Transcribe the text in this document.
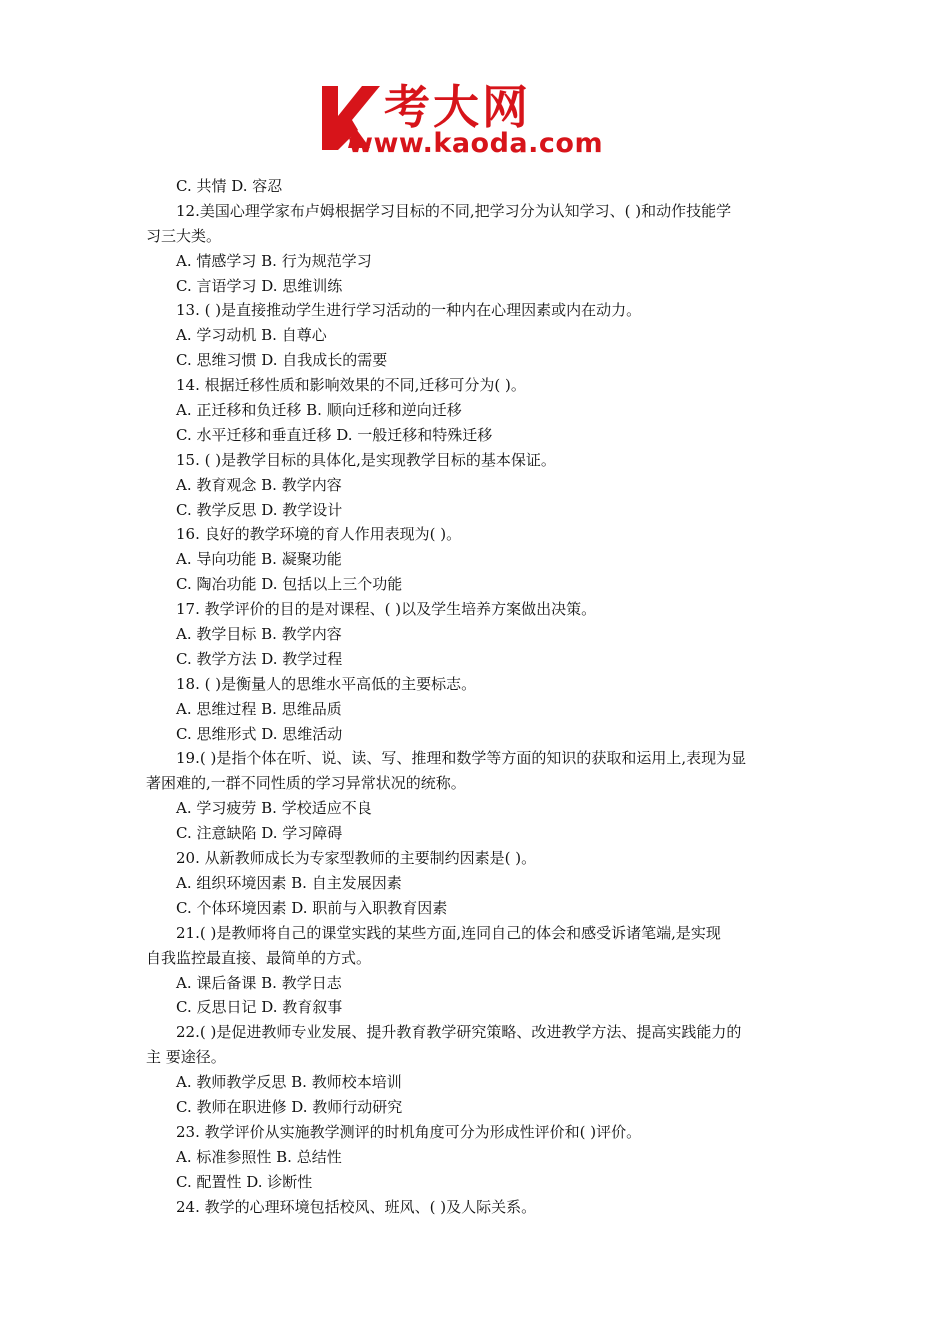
考大网
www.kaoda.com
C. 共情 D. 容忍
12.美国心理学家布卢姆根据学习目标的不同,把学习分为认知学习、( )和动作技能学
习三大类。
A. 情感学习 B. 行为规范学习
C. 言语学习 D. 思维训练
13. ( )是直接推动学生进行学习活动的一种内在心理因素或内在动力。
A. 学习动机 B. 自尊心
C. 思维习惯 D. 自我成长的需要
14. 根据迁移性质和影响效果的不同,迁移可分为( )。
A. 正迁移和负迁移 B. 顺向迁移和逆向迁移
C. 水平迁移和垂直迁移 D. 一般迁移和特殊迁移
15. ( )是教学目标的具体化,是实现教学目标的基本保证。
A. 教育观念 B. 教学内容
C. 教学反思 D. 教学设计
16. 良好的教学环境的育人作用表现为( )。
A. 导向功能 B. 凝聚功能
C. 陶冶功能 D. 包括以上三个功能
17. 教学评价的目的是对课程、( )以及学生培养方案做出决策。
A. 教学目标 B. 教学内容
C. 教学方法 D. 教学过程
18. ( )是衡量人的思维水平高低的主要标志。
A. 思维过程 B. 思维品质
C. 思维形式 D. 思维活动
19.( )是指个体在听、说、读、写、推理和数学等方面的知识的获取和运用上,表现为显
著困难的,一群不同性质的学习异常状况的统称。
A. 学习疲劳 B. 学校适应不良
C. 注意缺陷 D. 学习障碍
20. 从新教师成长为专家型教师的主要制约因素是( )。
A. 组织环境因素 B. 自主发展因素
C. 个体环境因素 D. 职前与入职教育因素
21.( )是教师将自己的课堂实践的某些方面,连同自己的体会和感受诉诸笔端,是实现
自我监控最直接、最简单的方式。
A. 课后备课 B. 教学日志
C. 反思日记 D. 教育叙事
22.( )是促进教师专业发展、提升教育教学研究策略、改进教学方法、提高实践能力的
主 要途径。
A. 教师教学反思 B. 教师校本培训
C. 教师在职进修 D. 教师行动研究
23. 教学评价从实施教学测评的时机角度可分为形成性评价和( )评价。
A. 标准参照性 B. 总结性
C. 配置性 D. 诊断性
24. 教学的心理环境包括校风、班风、( )及人际关系。
